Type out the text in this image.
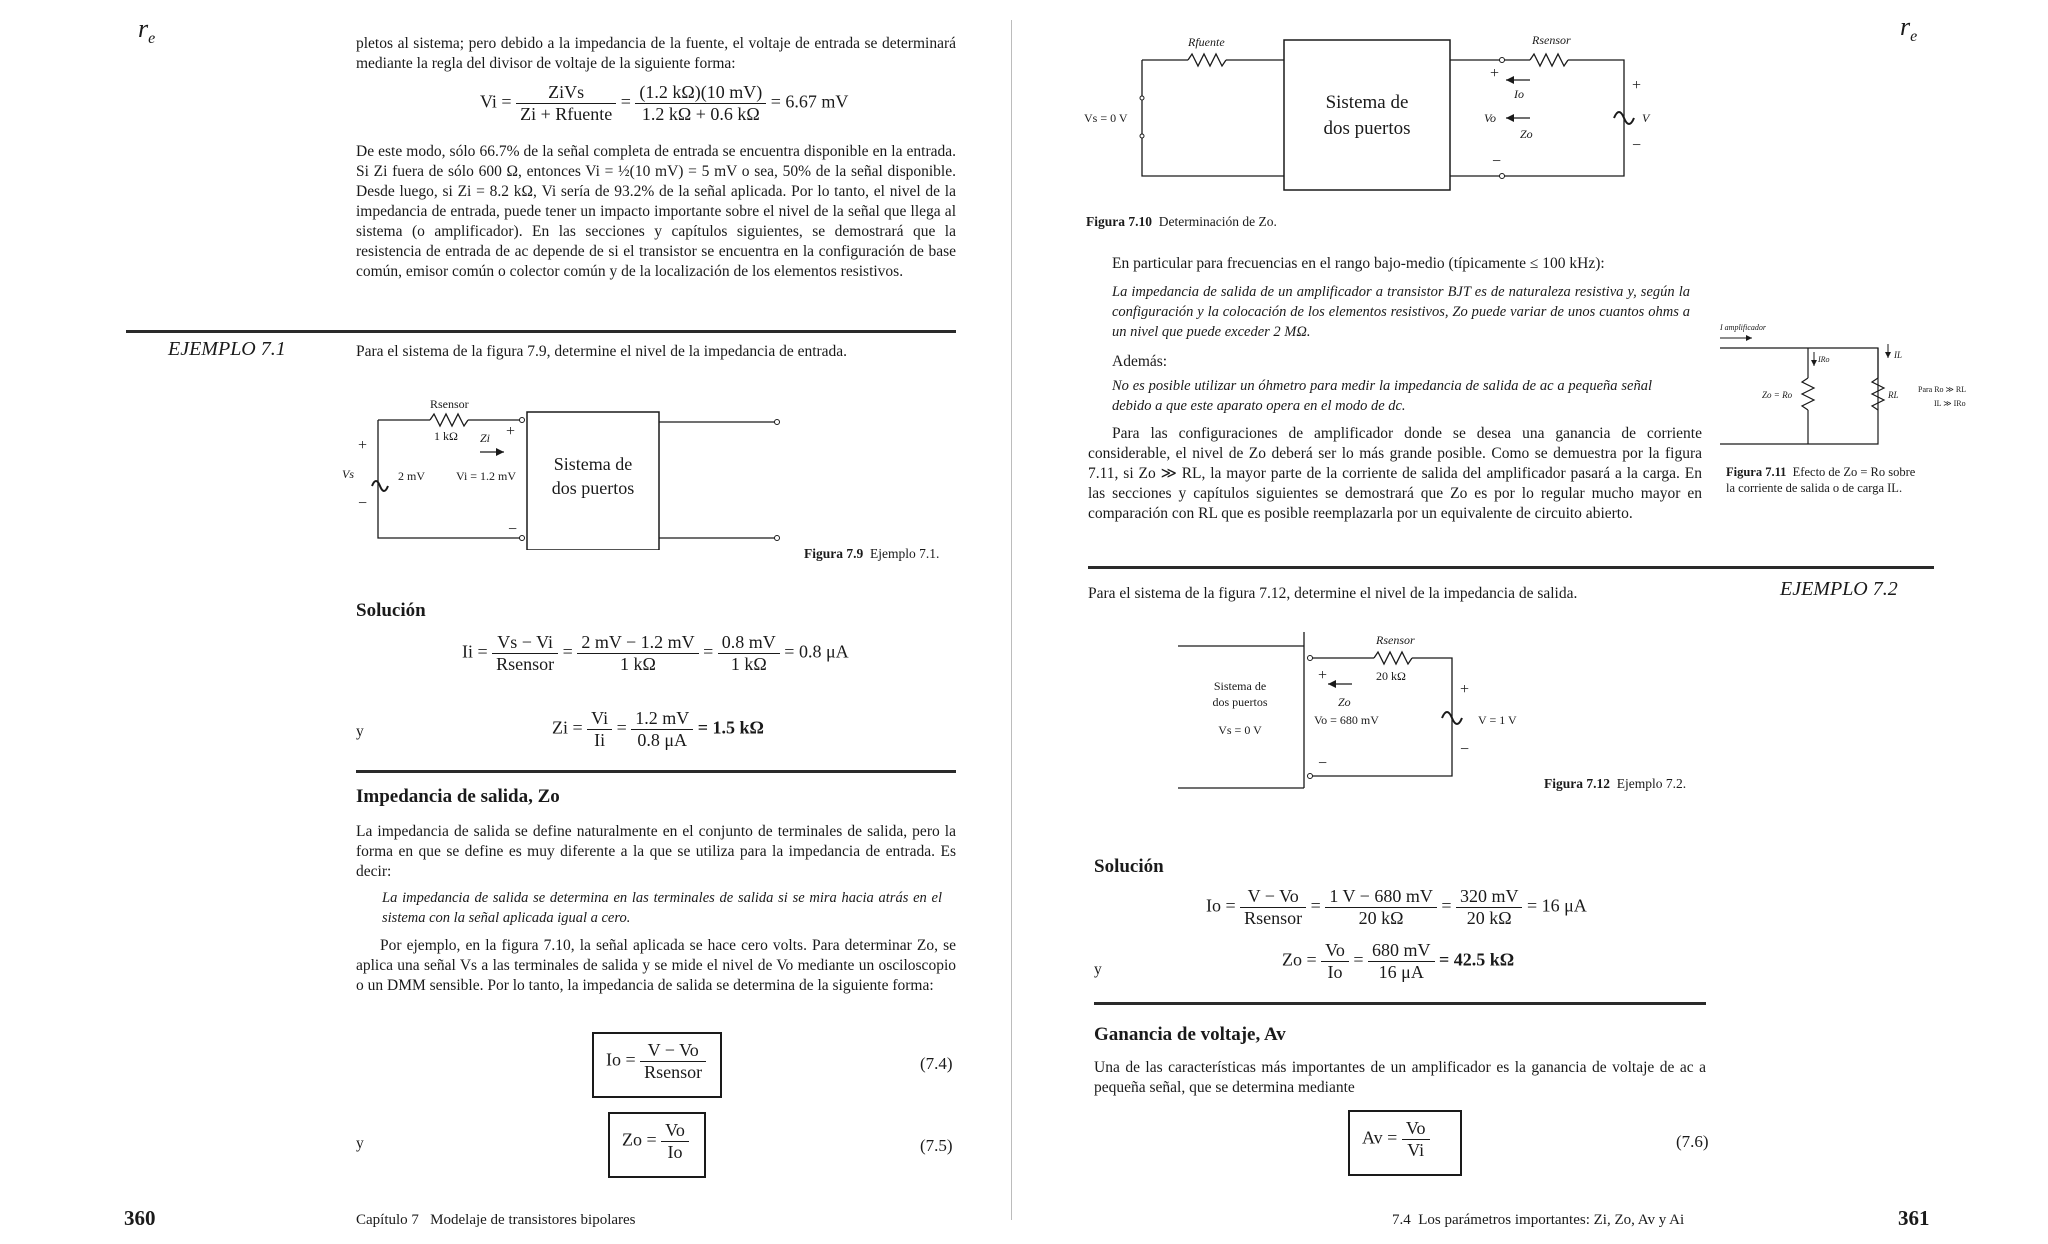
$r_e$	pletos al sistema; pero debido a la impedancia de la fuente, el voltaje de entrada se determinará mediante la regla del divisor de voltaje de la siguiente forma:
$Vi = \frac{\text{ZiVs}}{\text{Zi + Rfuente}} = \frac{(1.2 k\Omega)(10 mV)}{1.2 k\Omega + 0.6 k\Omega} = 6.67$ mV
De este modo, sólo 66.7% de la señal completa de entrada se encuentra disponible en la entrada. Si Zi fuera de sólo 600 Ω, entonces Vi = ½(10 mV) = 5 mV o sea, 50% de la señal disponible. Desde luego, si Zi = 8.2 kΩ, Vi sería de 93.2% de la señal aplicada. Por lo tanto, el nivel de la impedancia de entrada, puede tener un impacto importante sobre el nivel de la señal que llega al sistema (o amplificador). En las secciones y capítulos siguientes, se demostrará que la resistencia de entrada de ac depende de si el transistor se encuentra en la configuración de base común, emisor común o colector común y de la localización de los elementos resistivos.
EJEMPLO 7.1	Para el sistema de la figura 7.9, determine el nivel de la impedancia de entrada.
Rsensor
1 kΩ Zi +
+
−
−
Vs	2 mV	Vi = 1.2 mV
Sistema de
dos puertos
Figura 7.9 Ejemplo 7.1.
Solución
$Ii = \frac{Vs - Vi}{\text{Rsensor}} = \frac{2 mV - 1.2 mV}{1 k\Omega} = \frac{0.8 mV}{1 k\Omega} = 0.8$ μA
y	$Zi = \frac{Vi}{Ii} = \frac{1.2 mV}{0.8 \mu A} = 1.5$ kΩ
Impedancia de salida, Zo
La impedancia de salida se define naturalmente en el conjunto de terminales de salida, pero la forma en que se define es muy diferente a la que se utiliza para la impedancia de entrada. Es decir:
La impedancia de salida se determina en las terminales de salida si se mira hacia atrás en el sistema con la señal aplicada igual a cero.
Por ejemplo, en la figura 7.10, la señal aplicada se hace cero volts. Para determinar Zo, se aplica una señal Vs a las terminales de salida y se mide el nivel de Vo mediante un osciloscopio o un DMM sensible. Por lo tanto, la impedancia de salida se determina de la siguiente forma:
$Io = \frac{V - Vo}{\text{Rsensor}}$	(7.4)
y	$Zo = \frac{Vo}{Io}$	(7.5)
360	Capítulo 7   Modelaje de transistores bipolares
$r_e$
Rfuente	Rsensor
Vs = 0 V
Io
Vo
Zo
V
+
−
+
−
Sistema de
dos puertos
Figura 7.10 Determinación de Zo.
En particular para frecuencias en el rango bajo-medio (típicamente ≤ 100 kHz):
La impedancia de salida de un amplificador a transistor BJT es de naturaleza resistiva y, según la configuración y la colocación de los elementos resistivos, Zo puede variar de unos cuantos ohms a un nivel que puede exceder 2 MΩ.
Además:
No es posible utilizar un óhmetro para medir la impedancia de salida de ac a pequeña señal debido a que este aparato opera en el modo de dc.
Para las configuraciones de amplificador donde se desea una ganancia de corriente considerable, el nivel de Zo deberá ser lo más grande posible. Como se demuestra por la figura 7.11, si Zo ≫ RL, la mayor parte de la corriente de salida del amplificador pasará a la carga. En las secciones y capítulos siguientes se demostrará que Zo es por lo regular mucho mayor en comparación con RL que es posible reemplazarla por un equivalente de circuito abierto.
I amplificador
IRo	IL
Zo = Ro	RL
Para Ro ≫ RL
IL ≫ IRo
Figura 7.11 Efecto de Zo = Ro sobre la corriente de salida o de carga IL.
Para el sistema de la figura 7.12, determine el nivel de la impedancia de salida.	EJEMPLO 7.2
Sistema de
dos puertos
Vs = 0 V
Rsensor
20 kΩ
Zo
Vo = 680 mV	V = 1 V
+
−
+
−
Figura 7.12 Ejemplo 7.2.
Solución
$Io = \frac{V - Vo}{\text{Rsensor}} = \frac{1 V - 680 mV}{20 k\Omega} = \frac{320 mV}{20 k\Omega} = 16$ μA
y	$Zo = \frac{Vo}{Io} = \frac{680 mV}{16 \mu A} = 42.5$ kΩ
Ganancia de voltaje, Av
Una de las características más importantes de un amplificador es la ganancia de voltaje de ac a pequeña señal, que se determina mediante
$Av = \frac{Vo}{Vi}$	(7.6)
7.4  Los parámetros importantes: Zi, Zo, Av y Ai	361
